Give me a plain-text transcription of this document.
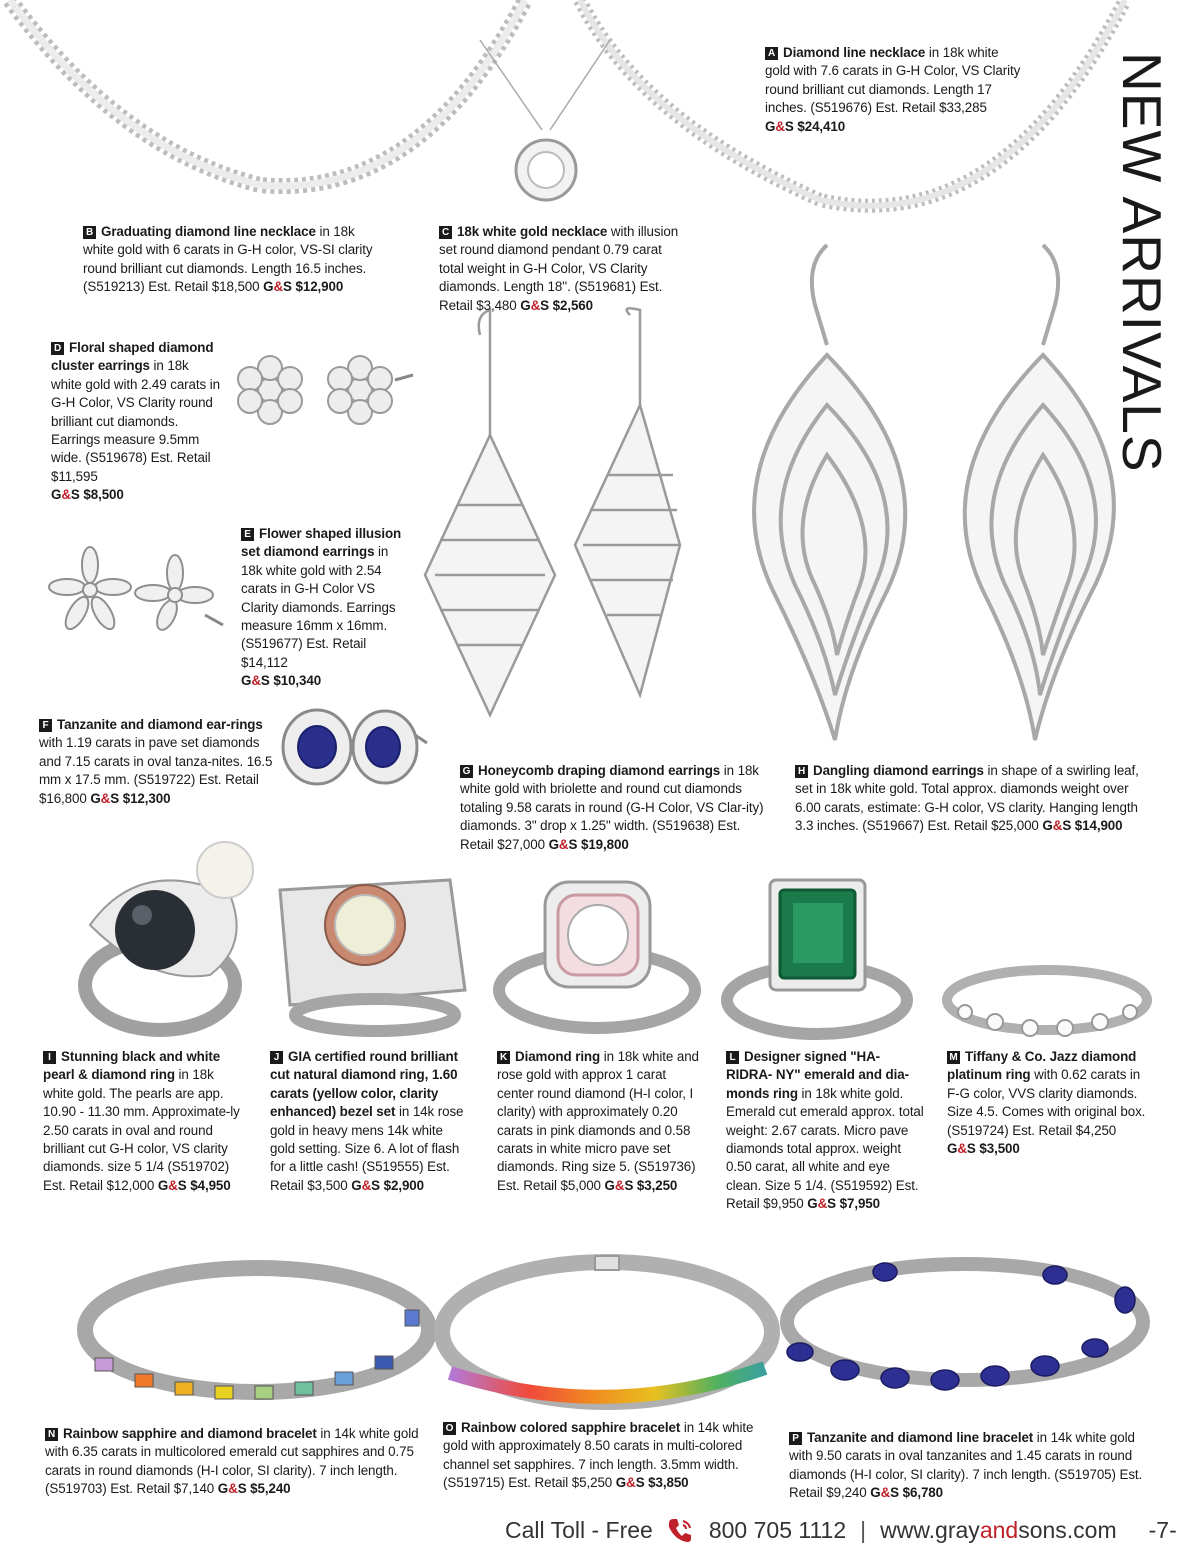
NEW ARRIVALS
A Diamond line necklace in 18k white gold with 7.6 carats in G-H Color, VS Clarity round brilliant cut diamonds. Length 17 inches. (S519676) Est. Retail $33,285
G&S $24,410
B Graduating diamond line necklace in 18k white gold with 6 carats in G-H color, VS-SI clarity round brilliant cut diamonds. Length 16.5 inches. (S519213) Est. Retail $18,500 G&S $12,900
C 18k white gold necklace with illusion set round diamond pendant 0.79 carat total weight in G-H Color, VS Clarity diamonds. Length 18''. (S519681) Est. Retail $3,480 G&S $2,560
D Floral shaped diamond cluster earrings in 18k white gold with 2.49 carats in G-H Color, VS Clarity round brilliant cut diamonds. Earrings measure 9.5mm wide. (S519678) Est. Retail $11,595
G&S $8,500
E Flower shaped illusion set diamond earrings in 18k white gold with 2.54 carats in G-H Color VS Clarity diamonds. Earrings measure 16mm x 16mm. (S519677) Est. Retail $14,112
G&S $10,340
F Tanzanite and diamond ear-rings with 1.19 carats in pave set diamonds and 7.15 carats in oval tanza-nites. 16.5 mm x 17.5 mm. (S519722) Est. Retail $16,800 G&S $12,300
G Honeycomb draping diamond earrings in 18k white gold with briolette and round cut diamonds totaling 9.58 carats in round (G-H Color, VS Clar-ity) diamonds. 3" drop x 1.25" width. (S519638) Est. Retail $27,000 G&S $19,800
H Dangling diamond earrings in shape of a swirling leaf, set in 18k white gold. Total approx. diamonds weight over 6.00 carats, estimate: G-H color, VS clarity. Hanging length 3.3 inches. (S519667) Est. Retail $25,000 G&S $14,900
I Stunning black and white pearl & diamond ring in 18k white gold. The pearls are app. 10.90 - 11.30 mm. Approximate-ly 2.50 carats in oval and round brilliant cut G-H color, VS clarity diamonds. size 5 1/4 (S519702) Est. Retail $12,000 G&S $4,950
J GIA certified round brilliant cut natural diamond ring, 1.60 carats (yellow color, clarity enhanced) bezel set in 14k rose gold in heavy mens 14k white gold setting. Size 6. A lot of flash for a little cash! (S519555) Est. Retail $3,500 G&S $2,900
K Diamond ring in 18k white and rose gold with approx 1 carat center round diamond (H-I color, I clarity) with approximately 0.20 carats in pink diamonds and 0.58 carats in white micro pave set diamonds. Ring size 5. (S519736) Est. Retail $5,000 G&S $3,250
L Designer signed "HA-RIDRA- NY" emerald and dia-monds ring in 18k white gold. Emerald cut emerald approx. total weight: 2.67 carats. Micro pave diamonds total approx. weight 0.50 carat, all white and eye clean. Size 5 1/4. (S519592) Est. Retail $9,950 G&S $7,950
M Tiffany & Co. Jazz diamond platinum ring with 0.62 carats in F-G color, VVS clarity diamonds. Size 4.5. Comes with original box. (S519724) Est. Retail $4,250
G&S $3,500
N Rainbow sapphire and diamond bracelet in 14k white gold with 6.35 carats in multicolored emerald cut sapphires and 0.75 carats in round diamonds (H-I color, SI clarity). 7 inch length. (S519703) Est. Retail $7,140 G&S $5,240
O Rainbow colored sapphire bracelet in 14k white gold with approximately 8.50 carats in multi-colored channel set sapphires. 7 inch length. 3.5mm width. (S519715) Est. Retail $5,250 G&S $3,850
P Tanzanite and diamond line bracelet in 14k white gold with 9.50 carats in oval tanzanites and 1.45 carats in round diamonds (H-I color, SI clarity). 7 inch length. (S519705) Est. Retail $9,240 G&S $6,780
Call Toll - Free 800 705 1112 | www.grayandsons.com -7-
